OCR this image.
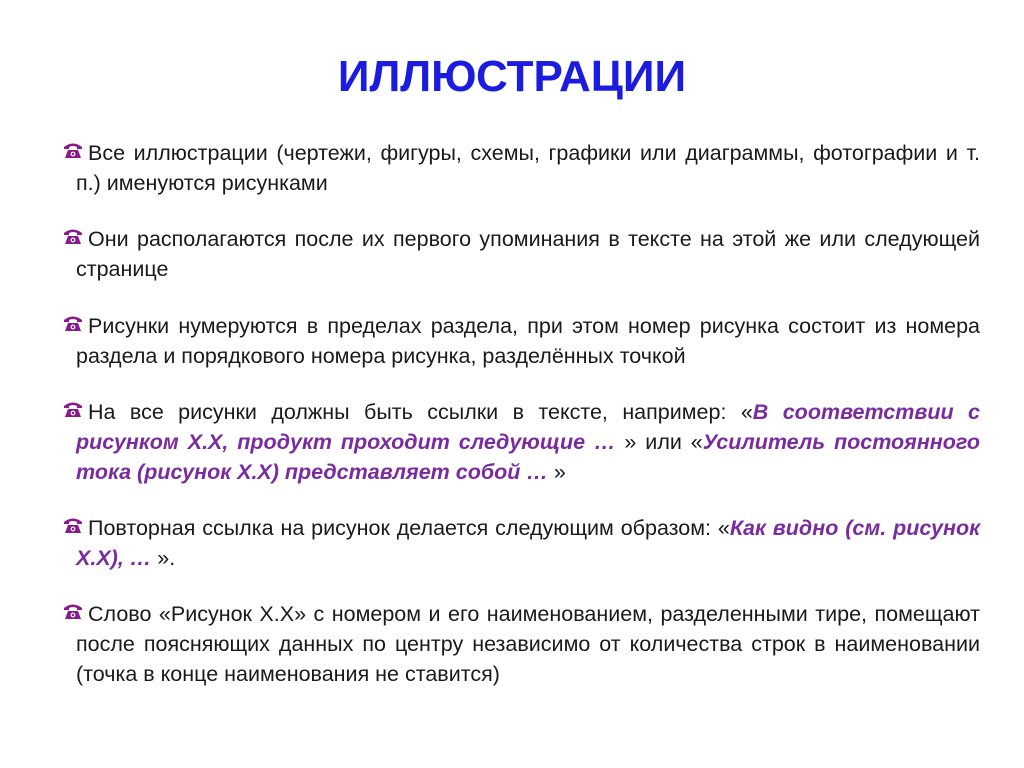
ИЛЛЮСТРАЦИИ
Все иллюстрации (чертежи, фигуры, схемы, графики или диаграммы, фотографии и т. п.) именуются рисунками
Они располагаются после их первого упоминания в тексте на этой же или следующей странице
Рисунки нумеруются в пределах раздела, при этом номер рисунка состоит из номера раздела и порядкового номера рисунка, разделённых точкой
На все рисунки должны быть ссылки в тексте, например: «В соответствии с рисунком Х.Х, продукт проходит следующие … » или «Усилитель постоянного тока (рисунок Х.Х) представляет собой … »
Повторная ссылка на рисунок делается следующим образом: «Как видно (см. рисунок Х.Х), … ».
Слово «Рисунок Х.Х» с номером и его наименованием, разделенными тире, помещают после поясняющих данных по центру независимо от количества строк в наименовании (точка в конце наименования не ставится)
